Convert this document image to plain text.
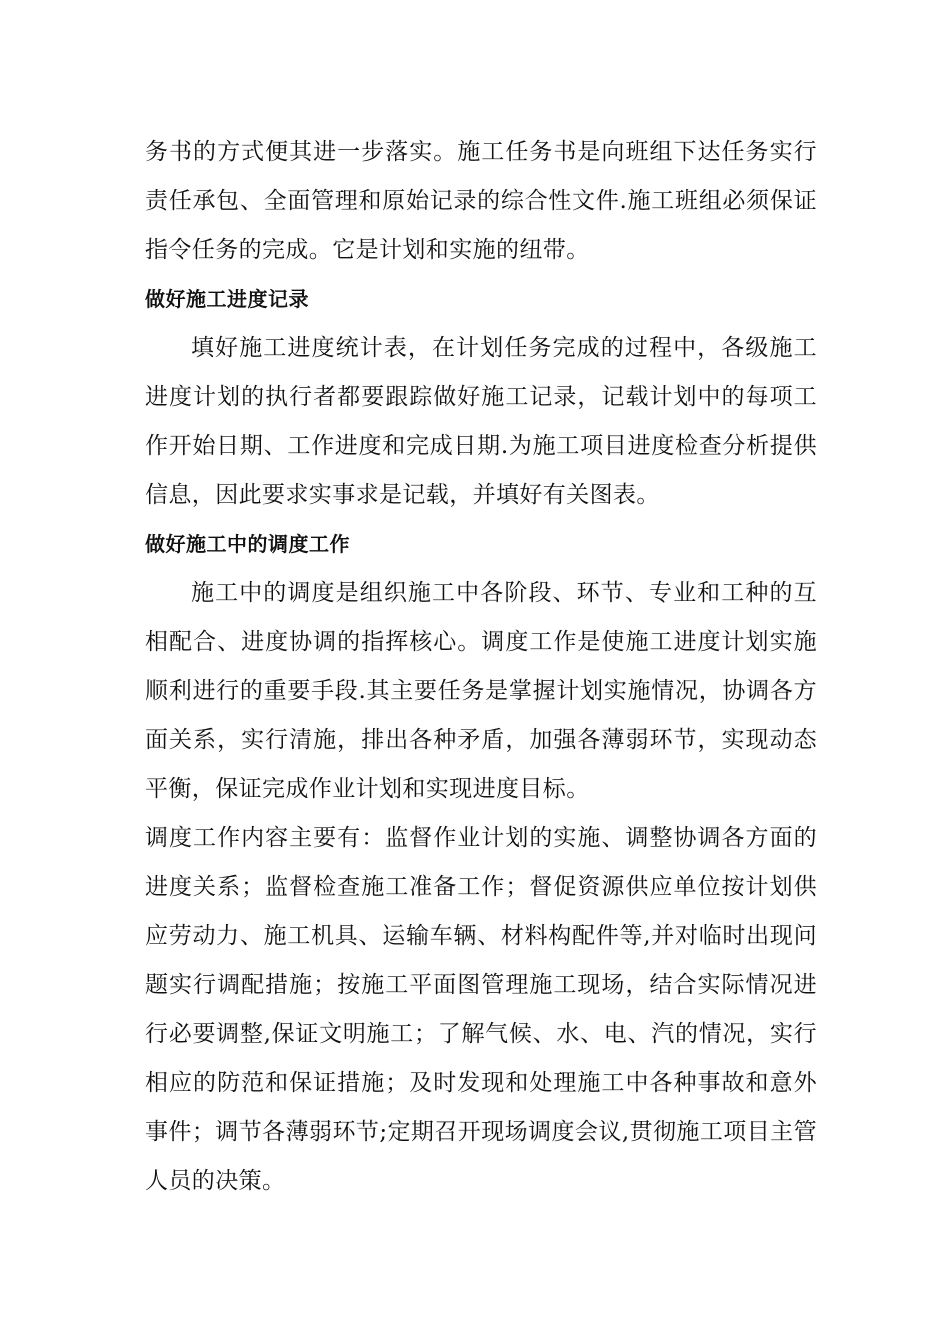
务书的方式便其进一步落实。施工任务书是向班组下达任务实行责任承包、全面管理和原始记录的综合性文件.施工班组必须保证指令任务的完成。它是计划和实施的纽带。

做好施工进度记录

填好施工进度统计表，在计划任务完成的过程中，各级施工进度计划的执行者都要跟踪做好施工记录，记载计划中的每项工作开始日期、工作进度和完成日期.为施工项目进度检查分析提供信息，因此要求实事求是记载，并填好有关图表。

做好施工中的调度工作

施工中的调度是组织施工中各阶段、环节、专业和工种的互相配合、进度协调的指挥核心。调度工作是使施工进度计划实施顺利进行的重要手段.其主要任务是掌握计划实施情况，协调各方面关系，实行清施，排出各种矛盾，加强各薄弱环节，实现动态平衡，保证完成作业计划和实现进度目标。

调度工作内容主要有：监督作业计划的实施、调整协调各方面的进度关系；监督检查施工准备工作；督促资源供应单位按计划供应劳动力、施工机具、运输车辆、材料构配件等,并对临时出现问题实行调配措施；按施工平面图管理施工现场，结合实际情况进行必要调整,保证文明施工；了解气候、水、电、汽的情况，实行相应的防范和保证措施；及时发现和处理施工中各种事故和意外事件；调节各薄弱环节;定期召开现场调度会议,贯彻施工项目主管人员的决策。
